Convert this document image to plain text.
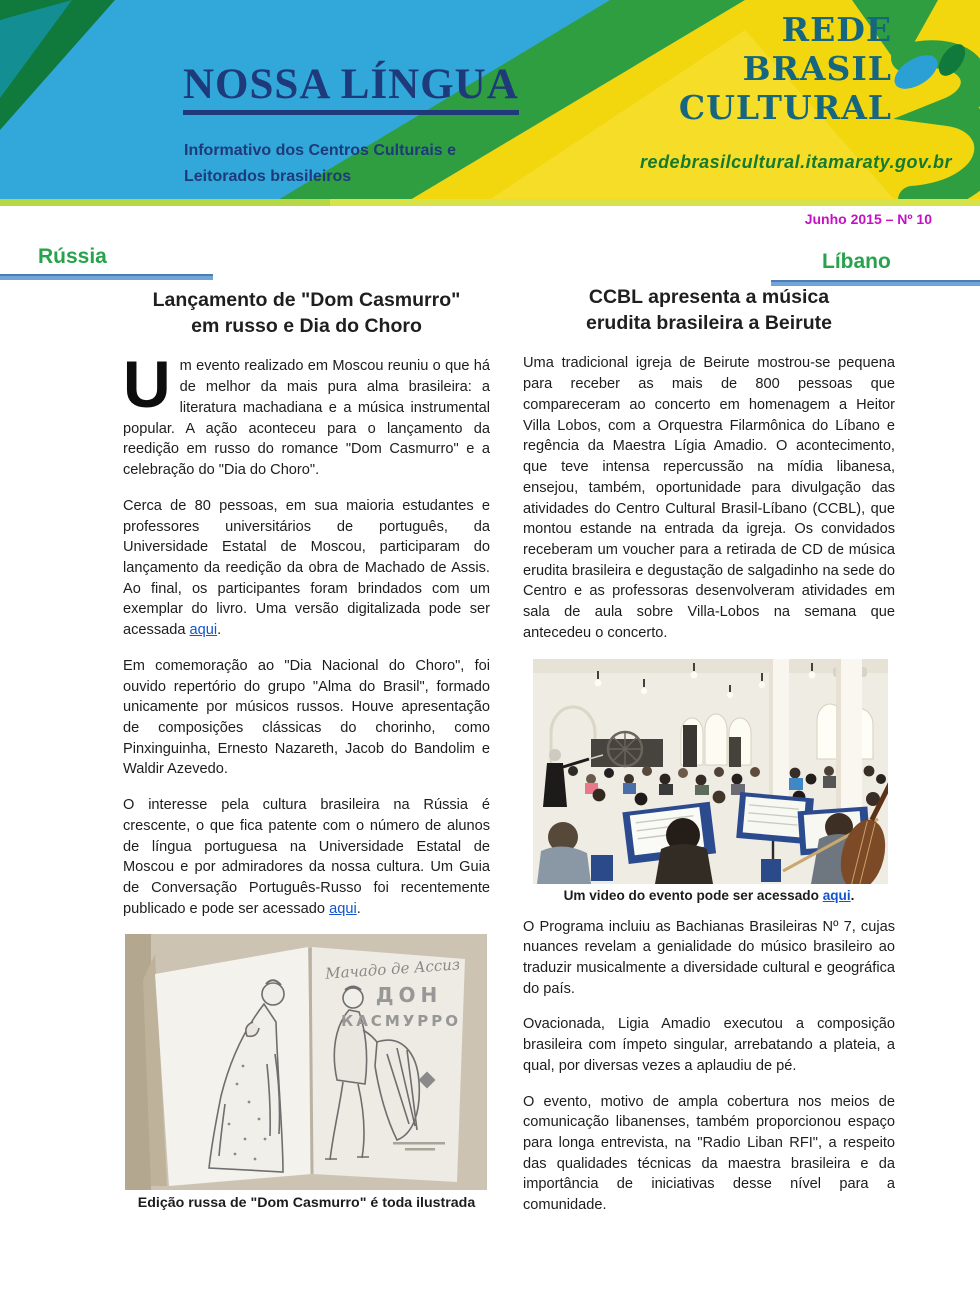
NOSSA LÍNGUA
Informativo dos Centros Culturais e
Leitorados brasileiros
REDE
BRASIL
CULTURAL
redebrasilcultural.itamaraty.gov.br
Junho 2015 – Nº 10
Rússia	Líbano
Lançamento de "Dom Casmurro"
em russo e Dia do Choro

U m evento realizado em Moscou reuniu o que há de melhor da mais pura alma brasileira: a literatura machadiana e a música instrumental popular. A ação aconteceu para o lançamento da reedição em russo do romance "Dom Casmurro" e a celebração do "Dia do Choro".

Cerca de 80 pessoas, em sua maioria estudantes e professores universitários de português, da Universidade Estatal de Moscou, participaram do lançamento da reedição da obra de Machado de Assis. Ao final, os participantes foram brindados com um exemplar do livro. Uma versão digitalizada pode ser acessada aqui.

Em comemoração ao "Dia Nacional do Choro", foi ouvido repertório do grupo "Alma do Brasil", formado unicamente por músicos russos. Houve apresentação de composições clássicas do chorinho, como Pinxinguinha, Ernesto Nazareth, Jacob do Bandolim e Waldir Azevedo.

O interesse pela cultura brasileira na Rússia é crescente, o que fica patente com o número de alunos de língua portuguesa na Universidade Estatal de Moscou e por admiradores da nossa cultura. Um Guia de Conversação Português-Russo foi recentemente publicado e pode ser acessado aqui.

Мачадо де Ассиз
ДОН
КАСМУРРО
Edição russa de "Dom Casmurro" é toda ilustrada
CCBL apresenta a música
erudita brasileira a Beirute

Uma tradicional igreja de Beirute mostrou-se pequena para receber as mais de 800 pessoas que compareceram ao concerto em homenagem a Heitor Villa Lobos, com a Orquestra Filarmônica do Líbano e regência da Maestra Lígia Amadio. O acontecimento, que teve intensa repercussão na mídia libanesa, ensejou, também, oportunidade para divulgação das atividades do Centro Cultural Brasil-Líbano (CCBL), que montou estande na entrada da igreja. Os convidados receberam um voucher para a retirada de CD de música erudita brasileira e degustação de salgadinho na sede do Centro e as professoras desenvolveram atividades em sala de aula sobre Villa-Lobos na semana que antecedeu o concerto.

Um video do evento pode ser acessado aqui.

O Programa incluiu as Bachianas Brasileiras Nº 7, cujas nuances revelam a genialidade do músico brasileiro ao traduzir musicalmente a diversidade cultural e geográfica do país.

Ovacionada, Ligia Amadio executou a composição brasileira com ímpeto singular, arrebatando a plateia, a qual, por diversas vezes a aplaudiu de pé.

O evento, motivo de ampla cobertura nos meios de comunicação libanenses, também proporcionou espaço para longa entrevista, na "Radio Liban RFI", a respeito das qualidades técnicas da maestra brasileira e da importância de iniciativas desse nível para a comunidade.
